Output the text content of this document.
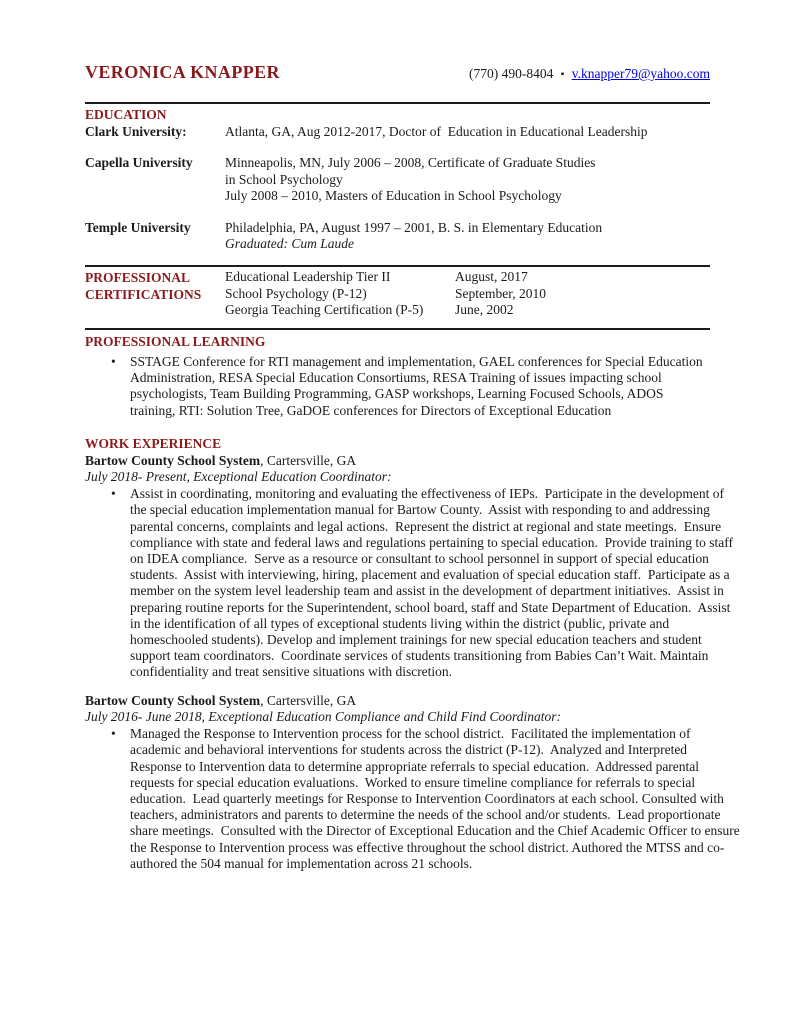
VERONICA KNAPPER	(770) 490-8404 ▪ v.knapper79@yahoo.com
EDUCATION
Clark University:	Atlanta, GA, Aug 2012-2017, Doctor of  Education in Educational Leadership
Capella University	Minneapolis, MN, July 2006 – 2008, Certificate of Graduate Studies
in School Psychology
July 2008 – 2010, Masters of Education in School Psychology
Temple University	Philadelphia, PA, August 1997 – 2001, B. S. in Elementary Education
Graduated: Cum Laude
PROFESSIONAL
CERTIFICATIONS
Educational Leadership Tier II	August, 2017
School Psychology (P-12)	September, 2010
Georgia Teaching Certification (P-5)	June, 2002
PROFESSIONAL LEARNING
•	SSTAGE Conference for RTI management and implementation, GAEL conferences for Special Education Administration, RESA Special Education Consortiums, RESA Training of issues impacting school psychologists, Team Building Programming, GASP workshops, Learning Focused Schools, ADOS training, RTI: Solution Tree, GaDOE conferences for Directors of Exceptional Education
WORK EXPERIENCE
Bartow County School System, Cartersville, GA
July 2018- Present, Exceptional Education Coordinator:
•	Assist in coordinating, monitoring and evaluating the effectiveness of IEPs.  Participate in the development of the special education implementation manual for Bartow County.  Assist with responding to and addressing parental concerns, complaints and legal actions.  Represent the district at regional and state meetings.  Ensure compliance with state and federal laws and regulations pertaining to special education.  Provide training to staff on IDEA compliance.  Serve as a resource or consultant to school personnel in support of special education students.  Assist with interviewing, hiring, placement and evaluation of special education staff.  Participate as a member on the system level leadership team and assist in the development of department initiatives.  Assist in preparing routine reports for the Superintendent, school board, staff and State Department of Education.  Assist in the identification of all types of exceptional students living within the district (public, private and homeschooled students). Develop and implement trainings for new special education teachers and student support team coordinators.  Coordinate services of students transitioning from Babies Can’t Wait. Maintain confidentiality and treat sensitive situations with discretion.
Bartow County School System, Cartersville, GA
July 2016- June 2018, Exceptional Education Compliance and Child Find Coordinator:
•	Managed the Response to Intervention process for the school district.  Facilitated the implementation of academic and behavioral interventions for students across the district (P-12).  Analyzed and Interpreted Response to Intervention data to determine appropriate referrals to special education.  Addressed parental requests for special education evaluations.  Worked to ensure timeline compliance for referrals to special education.  Lead quarterly meetings for Response to Intervention Coordinators at each school. Consulted with teachers, administrators and parents to determine the needs of the school and/or students.  Lead proportionate share meetings.  Consulted with the Director of Exceptional Education and the Chief Academic Officer to ensure the Response to Intervention process was effective throughout the school district. Authored the MTSS and co-authored the 504 manual for implementation across 21 schools.
